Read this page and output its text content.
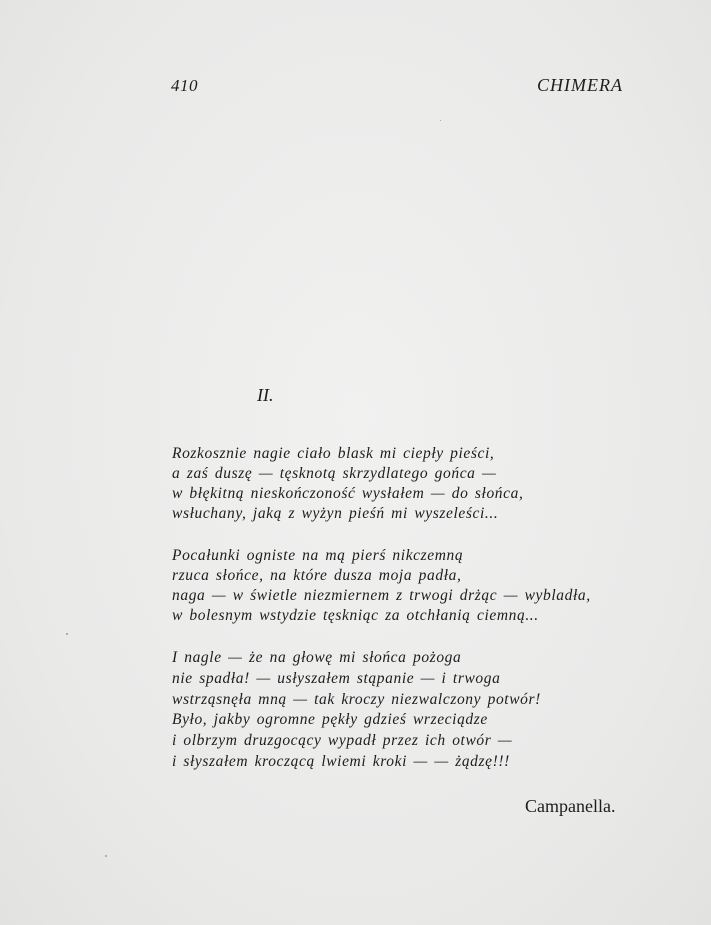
410	CHIMERA
II.
Rozkosznie nagie ciało blask mi ciepły pieści,
a zaś duszę — tęsknotą skrzydlatego gońca —
w błękitną nieskończoność wysłałem — do słońca,
wsłuchany, jaką z wyżyn pieśń mi wyszeleści...
Pocałunki ogniste na mą pierś nikczemną
rzuca słońce, na które dusza moja padła,
naga — w świetle niezmiernem z trwogi drżąc — wybladła,
w bolesnym wstydzie tęskniąc za otchłanią ciemną...
I nagle — że na głowę mi słońca pożoga
nie spadła! — usłyszałem stąpanie — i trwoga
wstrząsnęła mną — tak kroczy niezwalczony potwór!
Było, jakby ogromne pękły gdzieś wrzeciądze
i olbrzym druzgocący wypadł przez ich otwór —
i słyszałem kroczącą lwiemi kroki — — żądzę!!!
Campanella.
